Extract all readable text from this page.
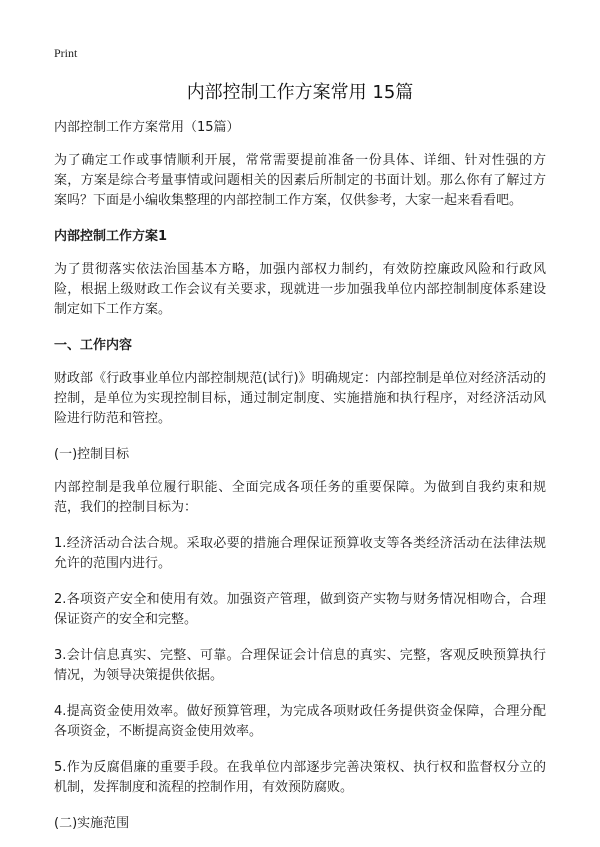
Print
内部控制工作方案常用 15篇

内部控制工作方案常用（15篇）

为了确定工作或事情顺利开展，常常需要提前准备一份具体、详细、针对性强的方案，方案是综合考量事情或问题相关的因素后所制定的书面计划。那么你有了解过方案吗？下面是小编收集整理的内部控制工作方案，仅供参考，大家一起来看看吧。

内部控制工作方案1

为了贯彻落实依法治国基本方略，加强内部权力制约，有效防控廉政风险和行政风险，根据上级财政工作会议有关要求，现就进一步加强我单位内部控制制度体系建设制定如下工作方案。

一、工作内容

财政部《行政事业单位内部控制规范(试行)》明确规定：内部控制是单位对经济活动的控制，是单位为实现控制目标，通过制定制度、实施措施和执行程序，对经济活动风险进行防范和管控。

(一)控制目标

内部控制是我单位履行职能、全面完成各项任务的重要保障。为做到自我约束和规范，我们的控制目标为：

1.经济活动合法合规。采取必要的措施合理保证预算收支等各类经济活动在法律法规允许的范围内进行。

2.各项资产安全和使用有效。加强资产管理，做到资产实物与财务情况相吻合，合理保证资产的安全和完整。

3.会计信息真实、完整、可靠。合理保证会计信息的真实、完整，客观反映预算执行情况，为领导决策提供依据。

4.提高资金使用效率。做好预算管理，为完成各项财政任务提供资金保障，合理分配各项资金，不断提高资金使用效率。

5.作为反腐倡廉的重要手段。在我单位内部逐步完善决策权、执行权和监督权分立的机制，发挥制度和流程的控制作用，有效预防腐败。

(二)实施范围
